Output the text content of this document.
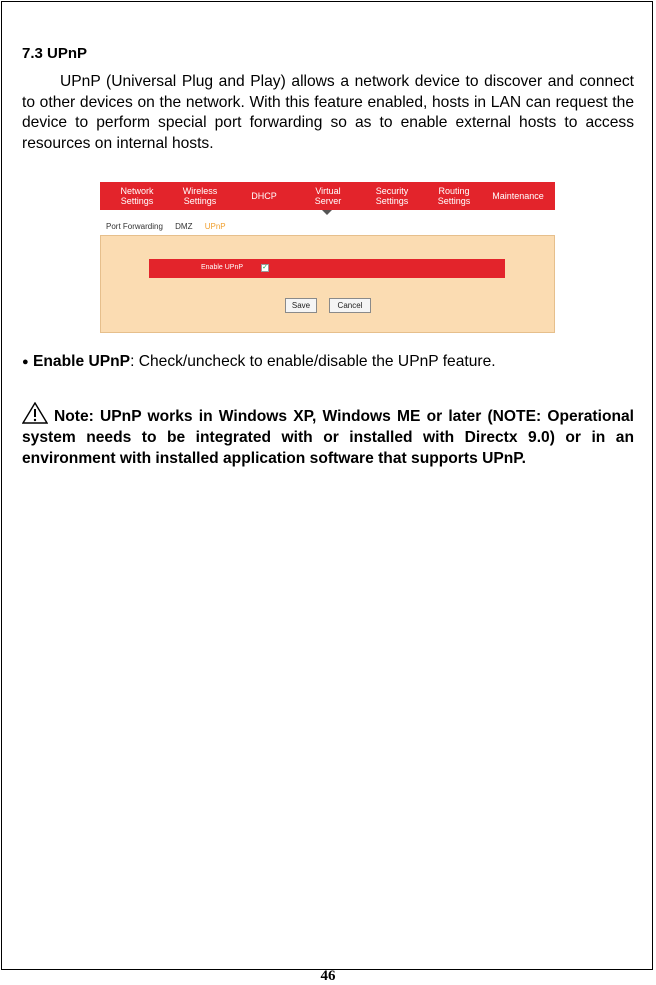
7.3 UPnP
UPnP (Universal Plug and Play) allows a network device to discover and connect to other devices on the network. With this feature enabled, hosts in LAN can request the device to perform special port forwarding so as to enable external hosts to access resources on internal hosts.
Network
Settings
Wireless
Settings
DHCP
Virtual
Server
Security
Settings
Routing
Settings
Maintenance
Port Forwarding DMZ UPnP
Enable UPnP	✓
Save	Cancel
● Enable UPnP: Check/uncheck to enable/disable the UPnP feature.
Note: UPnP works in Windows XP, Windows ME or later (NOTE: Operational system needs to be integrated with or installed with Directx 9.0) or in an environment with installed application software that supports UPnP.
46
